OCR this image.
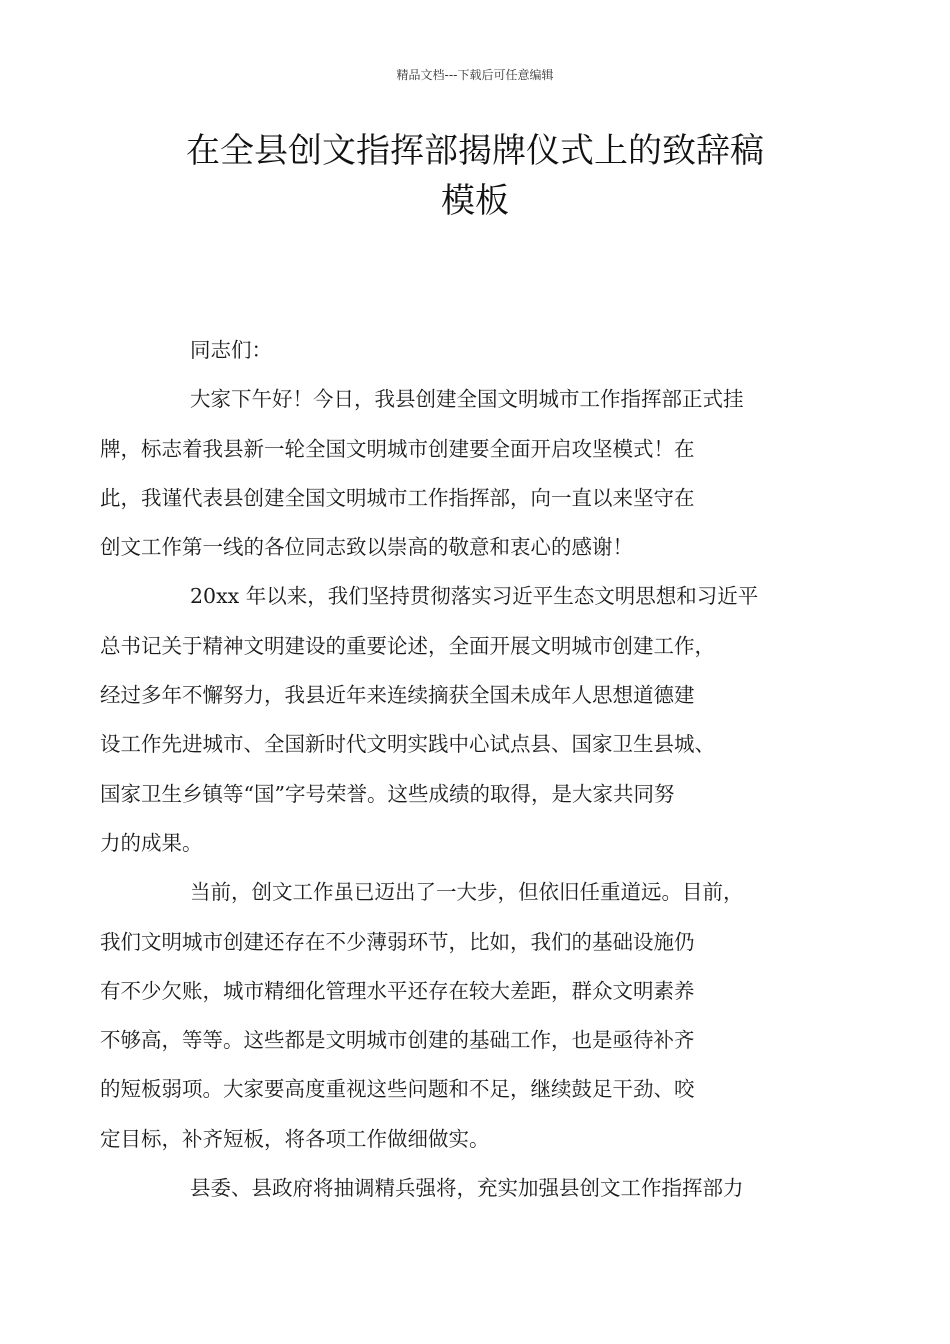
精品文档---下载后可任意编辑
在全县创文指挥部揭牌仪式上的致辞稿
模板

同志们：

大家下午好！今日，我县创建全国文明城市工作指挥部正式挂
牌，标志着我县新一轮全国文明城市创建要全面开启攻坚模式！在
此，我谨代表县创建全国文明城市工作指挥部，向一直以来坚守在
创文工作第一线的各位同志致以崇高的敬意和衷心的感谢！

20xx 年以来，我们坚持贯彻落实习近平生态文明思想和习近平
总书记关于精神文明建设的重要论述，全面开展文明城市创建工作，
经过多年不懈努力，我县近年来连续摘获全国未成年人思想道德建
设工作先进城市、全国新时代文明实践中心试点县、国家卫生县城、
国家卫生乡镇等“国”字号荣誉。这些成绩的取得，是大家共同努
力的成果。

当前，创文工作虽已迈出了一大步，但依旧任重道远。目前，
我们文明城市创建还存在不少薄弱环节，比如，我们的基础设施仍
有不少欠账，城市精细化管理水平还存在较大差距，群众文明素养
不够高，等等。这些都是文明城市创建的基础工作，也是亟待补齐
的短板弱项。大家要高度重视这些问题和不足，继续鼓足干劲、咬
定目标，补齐短板，将各项工作做细做实。

县委、县政府将抽调精兵强将，充实加强县创文工作指挥部力
